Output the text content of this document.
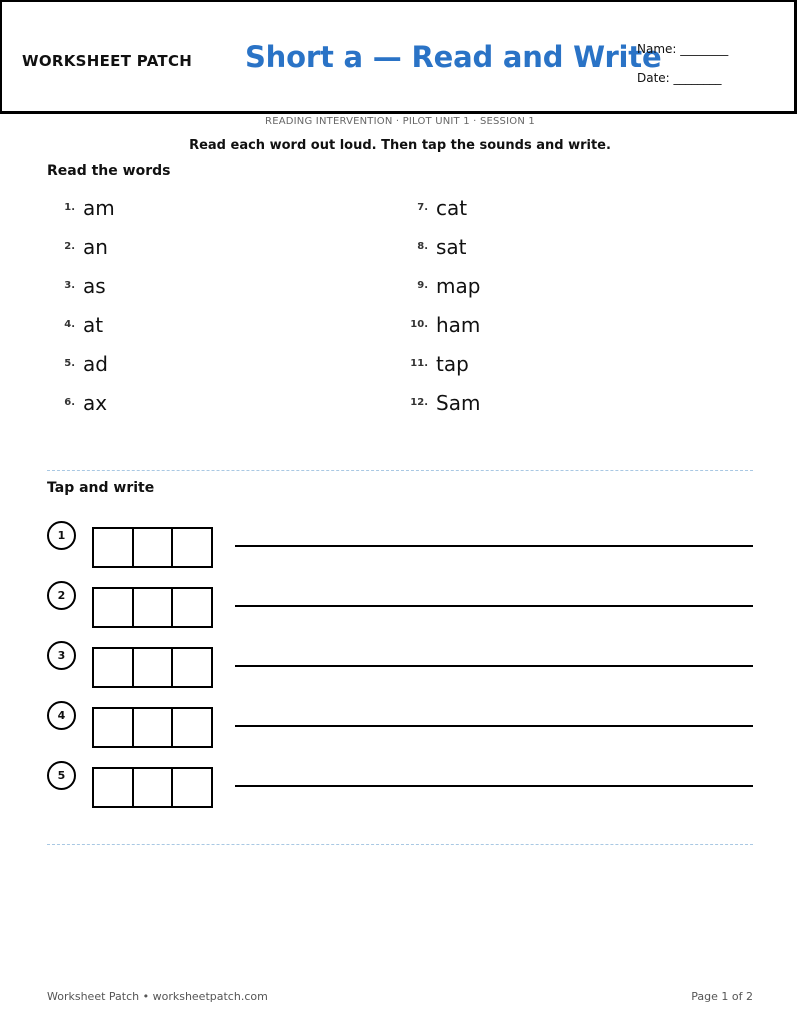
WORKSHEET PATCH Short a — Read and Write
Name: ________
Date: ________
READING INTERVENTION · PILOT UNIT 1 · SESSION 1
Read each word out loud. Then tap the sounds and write.
Read the words
1. am
2. an
3. as
4. at
5. ad
6. ax
7. cat
8. sat
9. map
10. ham
11. tap
12. Sam
Tap and write
1
2
3
4
5
Worksheet Patch • worksheetpatch.com	Page 1 of 2
